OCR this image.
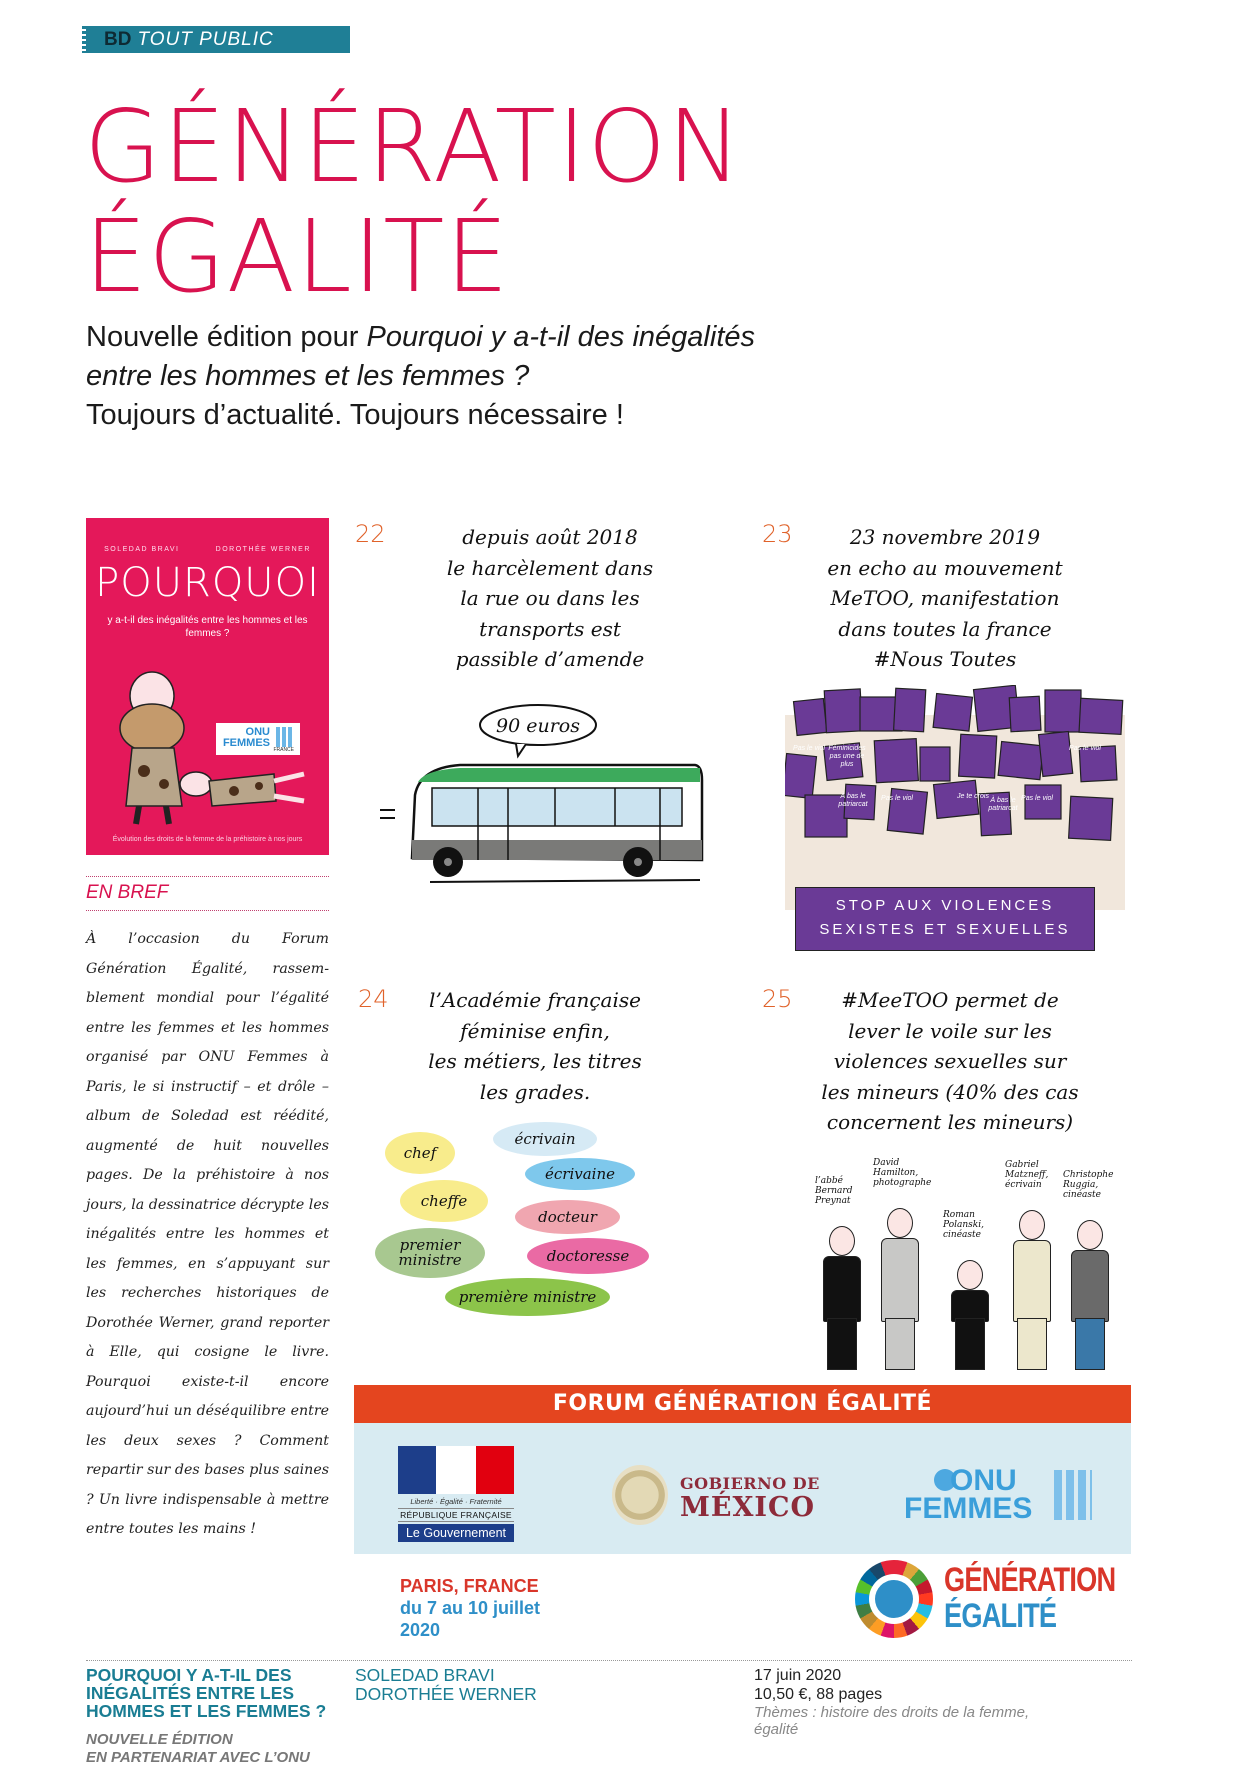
BD TOUT PUBLIC
GÉNÉRATION
ÉGALITÉ
Nouvelle édition pour Pourquoi y a-t-il des inégalités
entre les hommes et les femmes ?
Toujours d’actualité. Toujours nécessaire !
SOLEDAD BRAVI	DOROTHÉE WERNER
POURQUOI
y a-t-il des inégalités entre les hommes et les femmes ?
ONU
FEMMES
FRANCE
Évolution des droits de la femme de la préhistoire à nos jours
EN BREF
À l’occasion du Forum Génération Égalité, rassemblement mondial pour l’égalité entre les femmes et les hommes organisé par ONU Femmes à Paris, le si instructif – et drôle – album de Soledad est réédité, augmenté de huit nouvelles pages. De la préhistoire à nos jours, la dessinatrice décrypte les inégalités entre les hommes et les femmes, en s’appuyant sur les recherches historiques de Dorothée Werner, grand reporter à Elle, qui cosigne le livre. Pourquoi existe-t-il encore aujourd’hui un déséquilibre entre les deux sexes ? Comment repartir sur des bases plus saines ? Un livre indispensable à mettre entre toutes les mains !
22	depuis août 2018
le harcèlement dans
la rue ou dans les
transports est
passible d’amende
90 euros
23	23 novembre 2019
en echo au mouvement
MeTOO, manifestation
dans toutes la france
#Nous Toutes
STOP AUX VIOLENCES
SEXISTES ET SEXUELLES
Pas le viol Féminicides pas une de plus
À bas le patriarcat
Pas le viol	Je te crois	Pas le viol
À bas le patriarcat
Pas le viol
24	l’Académie française
féminise enfin,
les métiers, les titres
les grades.
chef
écrivain
écrivaine
cheffe
docteur
premier ministre	doctoresse
première ministre
25	#MeeTOO permet de
lever le voile sur les
violences sexuelles sur
les mineurs (40% des cas
concernent les mineurs)
l’abbé Bernard Preynat
David Hamilton, photographe
Roman Polanski, cinéaste
Gabriel Matzneff, écrivain
Christophe Ruggia, cinéaste
FORUM GÉNÉRATION ÉGALITÉ
Liberté · Égalité · Fraternité
RÉPUBLIQUE FRANÇAISE
Le Gouvernement
GOBIERNO DE
MÉXICO
ONU
FEMMES
PARIS, FRANCE
du 7 au 10 juillet
2020
GÉNÉRATION
ÉGALITÉ
POURQUOI Y A-T-IL DES
INÉGALITÉS ENTRE LES
HOMMES ET LES FEMMES ?
NOUVELLE ÉDITION
EN PARTENARIAT AVEC L’ONU
SOLEDAD BRAVI
DOROTHÉE WERNER
17 juin 2020
10,50 €, 88 pages
Thèmes : histoire des droits de la femme,
égalité
